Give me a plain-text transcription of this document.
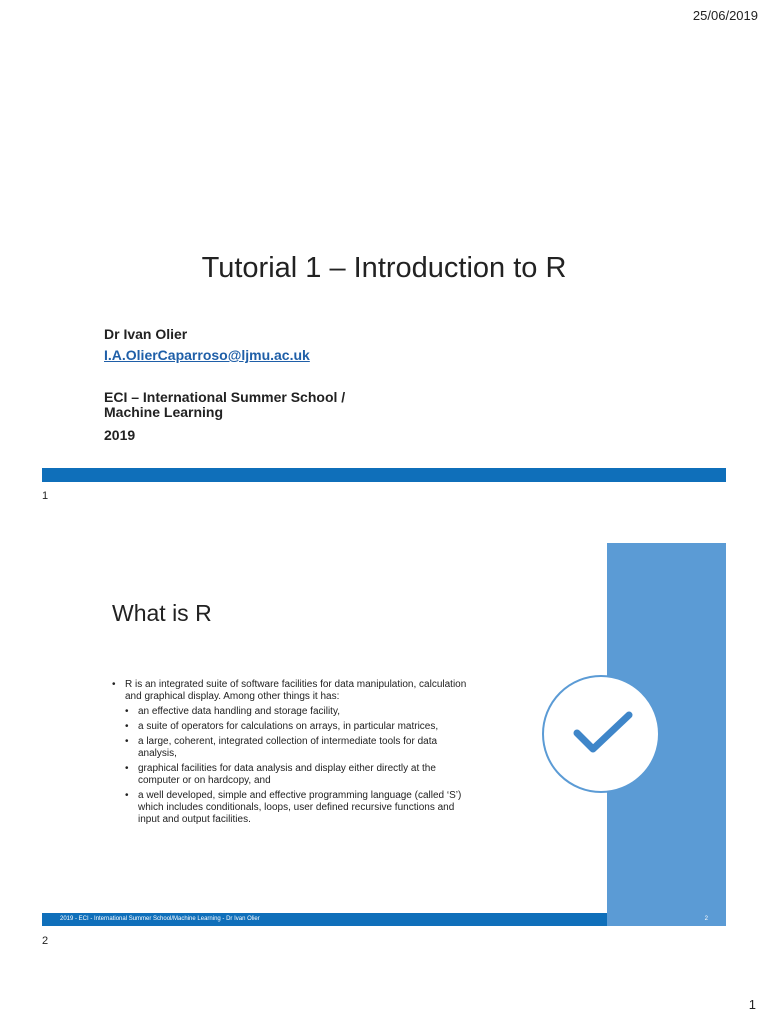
25/06/2019
Tutorial 1 – Introduction to R
Dr Ivan Olier
I.A.OlierCaparroso@ljmu.ac.uk
ECI – International Summer School /
Machine Learning
2019
1
What is R
• R is an integrated suite of software facilities for data manipulation, calculation and graphical display. Among other things it has:
• an effective data handling and storage facility,
• a suite of operators for calculations on arrays, in particular matrices,
• a large, coherent, integrated collection of intermediate tools for data analysis,
• graphical facilities for data analysis and display either directly at the computer or on hardcopy, and
• a well developed, simple and effective programming language (called ‘S’) which includes conditionals, loops, user defined recursive functions and input and output facilities.
2019 - ECI - International Summer School/Machine Learning - Dr Ivan Olier	2
2
1
